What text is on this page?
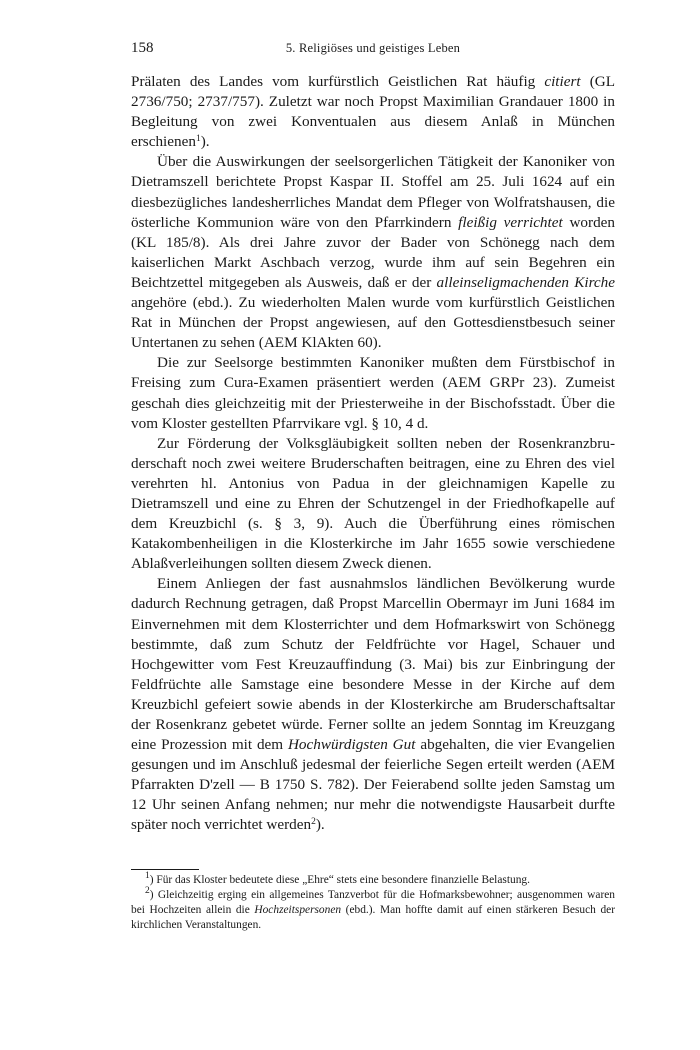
158	5. Religiöses und geistiges Leben

Prälaten des Landes vom kurfürstlich Geistlichen Rat häufig citiert (GL 2736/750; 2737/757). Zuletzt war noch Propst Maximilian Grandauer 1800 in Begleitung von zwei Konventualen aus diesem Anlaß in München erschienen$^1$).

Über die Auswirkungen der seelsorgerlichen Tätigkeit der Kanoniker von Dietramszell berichtete Propst Kaspar II. Stoffel am 25. Juli 1624 auf ein diesbezügliches landesherrliches Mandat dem Pfleger von Wolfratshausen, die österliche Kommunion wäre von den Pfarrkindern fleißig verrichtet worden (KL 185/8). Als drei Jahre zuvor der Bader von Schönegg nach dem kaiserlichen Markt Aschbach verzog, wurde ihm auf sein Begehren ein Beichtzettel mitgegeben als Ausweis, daß er der alleinseligmachenden Kirche angehöre (ebd.). Zu wiederholten Malen wurde vom kurfürstlich Geistlichen Rat in München der Propst angewiesen, auf den Gottesdienstbesuch seiner Untertanen zu sehen (AEM KlAkten 60).

Die zur Seelsorge bestimmten Kanoniker mußten dem Fürstbischof in Freising zum Cura-Examen präsentiert werden (AEM GRPr 23). Zumeist geschah dies gleichzeitig mit der Priesterweihe in der Bischofsstadt. Über die vom Kloster gestellten Pfarrvikare vgl. § 10, 4 d.

Zur Förderung der Volksgläubigkeit sollten neben der Rosenkranzbruderschaft noch zwei weitere Bruderschaften beitragen, eine zu Ehren des viel verehrten hl. Antonius von Padua in der gleichnamigen Kapelle zu Dietramszell und eine zu Ehren der Schutzengel in der Friedhofkapelle auf dem Kreuzbichl (s. § 3, 9). Auch die Überführung eines römischen Katakombenheiligen in die Klosterkirche im Jahr 1655 sowie verschiedene Ablaßverleihungen sollten diesem Zweck dienen.

Einem Anliegen der fast ausnahmslos ländlichen Bevölkerung wurde dadurch Rechnung getragen, daß Propst Marcellin Obermayr im Juni 1684 im Einvernehmen mit dem Klosterrichter und dem Hofmarkswirt von Schönegg bestimmte, daß zum Schutz der Feldfrüchte vor Hagel, Schauer und Hochgewitter vom Fest Kreuzauffindung (3. Mai) bis zur Einbringung der Feldfrüchte alle Samstage eine besondere Messe in der Kirche auf dem Kreuzbichl gefeiert sowie abends in der Klosterkirche am Bruderschaftsaltar der Rosenkranz gebetet würde. Ferner sollte an jedem Sonntag im Kreuzgang eine Prozession mit dem Hochwürdigsten Gut abgehalten, die vier Evangelien gesungen und im Anschluß jedesmal der feierliche Segen erteilt werden (AEM Pfarrakten D'zell — B 1750 S. 782). Der Feierabend sollte jeden Samstag um 12 Uhr seinen Anfang nehmen; nur mehr die notwendigste Hausarbeit durfte später noch verrichtet werden$^2$).

$^1$) Für das Kloster bedeutete diese „Ehre“ stets eine besondere finanzielle Belastung.

$^2$) Gleichzeitig erging ein allgemeines Tanzverbot für die Hofmarksbewohner; ausgenommen waren bei Hochzeiten allein die Hochzeitspersonen (ebd.). Man hoffte damit auf einen stärkeren Besuch der kirchlichen Veranstaltungen.
